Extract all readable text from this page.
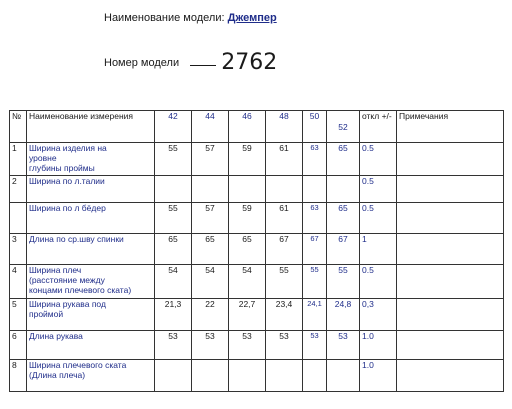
Наименование модели: Джемпер
Номер модели 2762
№	Наименование измерения	42	44	46	48	50	52	откл +/-	Примечания
1	Ширина изделия на
уровне
глубины проймы	55	57	59	61	63	65	0.5	
2	Ширина по л.талии							0.5	

	Ширина по л бёдер	55	57	59	61	63	65	0.5	
3	Длина по ср.шву спинки	65	65	65	67	67	67	1	
4	Ширина плеч
(расстояние между
концами плечевого ската)	54	54	54	55	55	55	0.5	
5	Ширина рукава под
проймой	21,3	22	22,7	23,4	24,1	24,8	0,3	
6	Длина рукава	53	53	53	53	53	53	1.0	
8	Ширина плечевого ската
(Длина плеча)							1.0	
